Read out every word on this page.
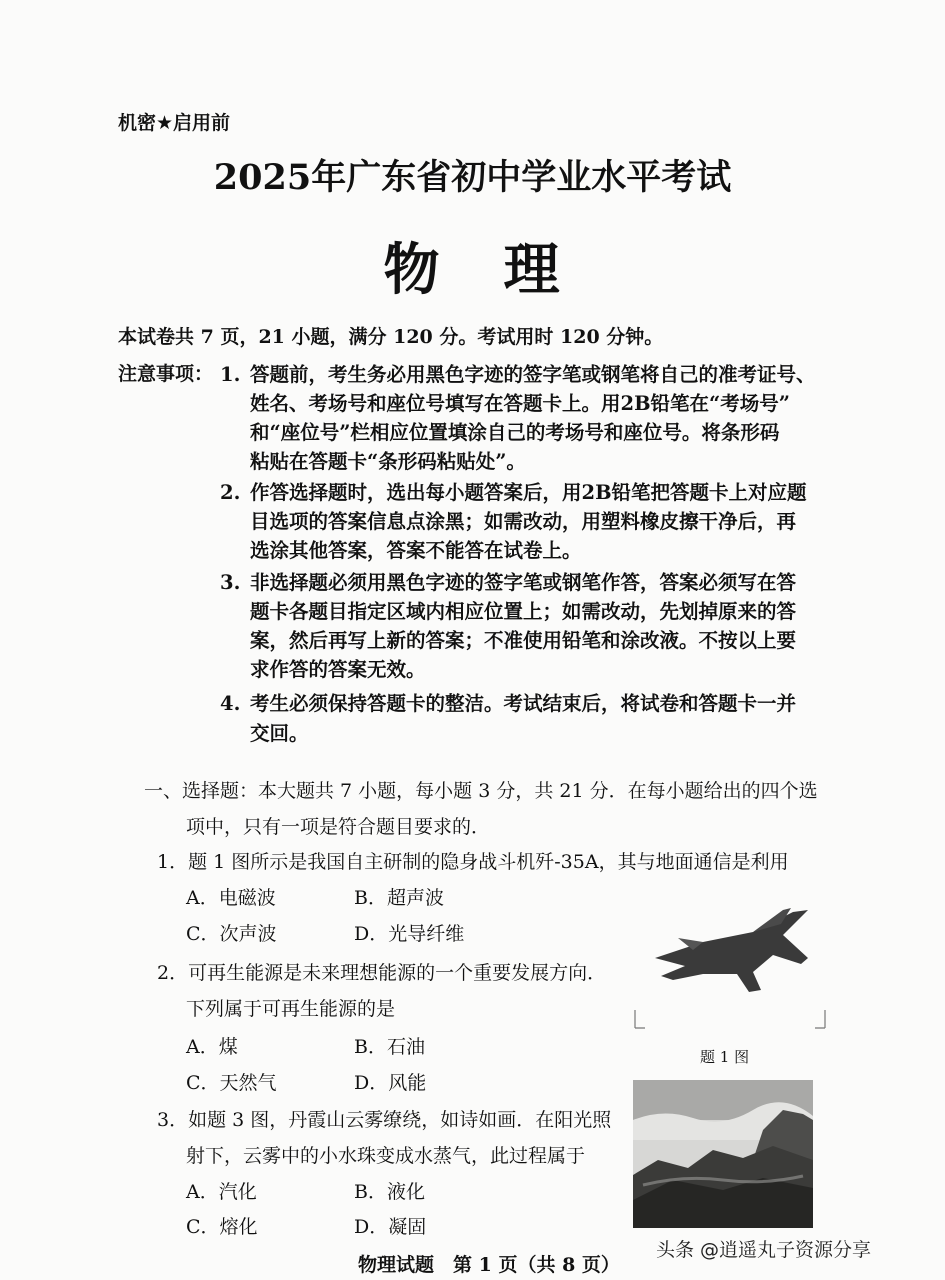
机密★启用前
2025年广东省初中学业水平考试
物 理
本试卷共 7 页，21 小题，满分 120 分。考试用时 120 分钟。
注意事项： 1. 答题前，考生务必用黑色字迹的签字笔或钢笔将自己的准考证号、
姓名、考场号和座位号填写在答题卡上。用2B铅笔在“考场号”
和“座位号”栏相应位置填涂自己的考场号和座位号。将条形码
粘贴在答题卡“条形码粘贴处”。
2. 作答选择题时，选出每小题答案后，用2B铅笔把答题卡上对应题
目选项的答案信息点涂黑；如需改动，用塑料橡皮擦干净后，再
选涂其他答案，答案不能答在试卷上。
3. 非选择题必须用黑色字迹的签字笔或钢笔作答，答案必须写在答
题卡各题目指定区域内相应位置上；如需改动，先划掉原来的答
案，然后再写上新的答案；不准使用铅笔和涂改液。不按以上要
求作答的答案无效。
4. 考生必须保持答题卡的整洁。考试结束后，将试卷和答题卡一并
交回。
一、选择题：本大题共 7 小题，每小题 3 分，共 21 分．在每小题给出的四个选
项中，只有一项是符合题目要求的．
1．题 1 图所示是我国自主研制的隐身战斗机歼-35A，其与地面通信是利用
A．电磁波	B．超声波
C．次声波	D．光导纤维
2．可再生能源是未来理想能源的一个重要发展方向．
下列属于可再生能源的是
A．煤	B．石油
C．天然气	D．风能
3．如题 3 图，丹霞山云雾缭绕，如诗如画．在阳光照
射下，云雾中的小水珠变成水蒸气，此过程属于
A．汽化	B．液化
C．熔化	D．凝固
题 1 图
物理试题　第 1 页（共 8 页）
头条 @逍遥丸子资源分享
